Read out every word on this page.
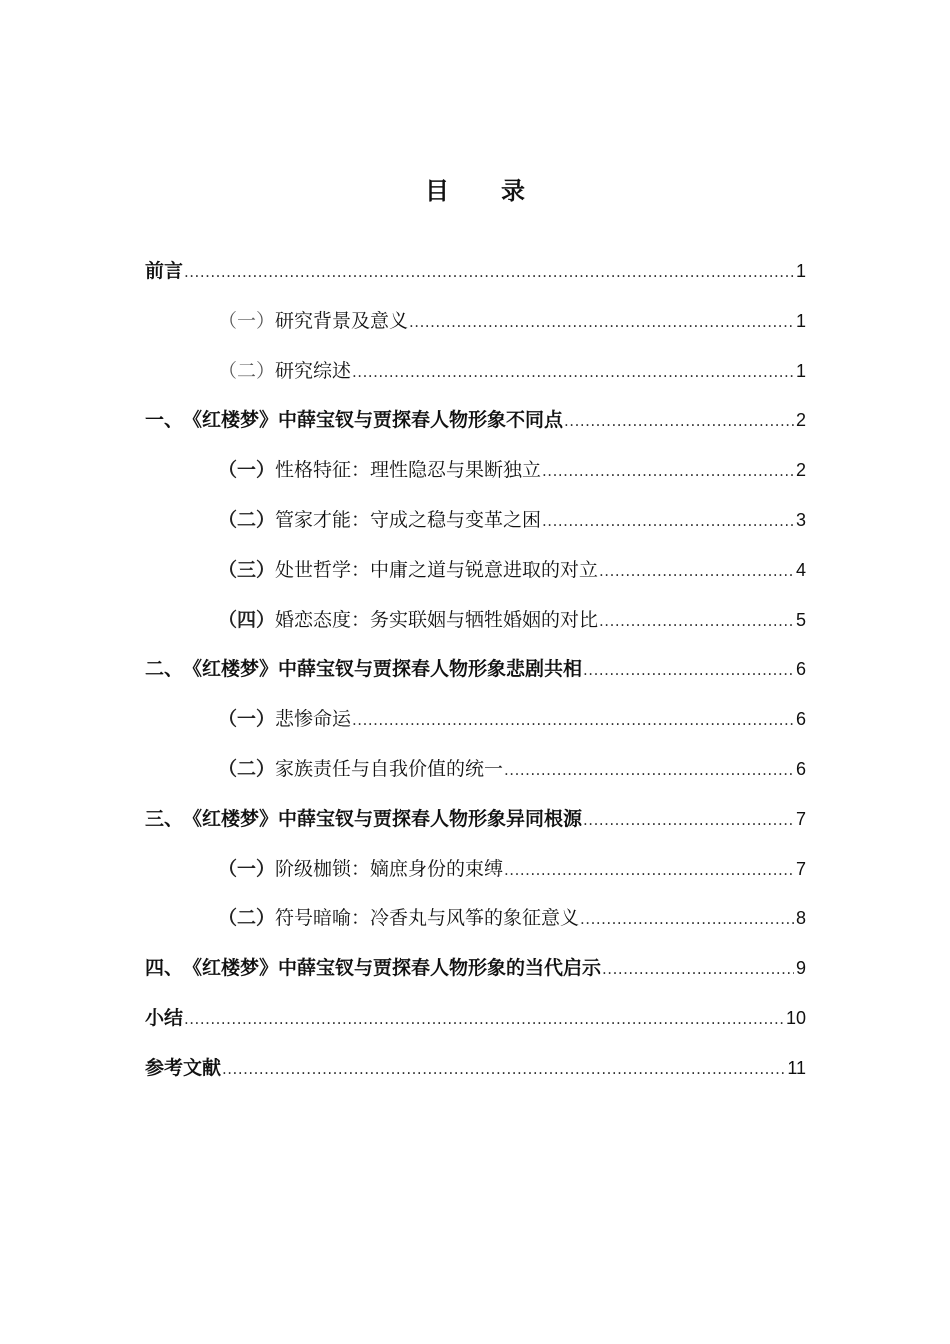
目录
前言 .....	1
（一） 研究背景及意义 .....	1
（二） 研究综述 .....	1
一、 《红楼梦》中薛宝钗与贾探春人物形象不同点 .....	2
（一） 性格特征：理性隐忍与果断独立 .....	2
（二） 管家才能：守成之稳与变革之困 .....	3
（三） 处世哲学：中庸之道与锐意进取的对立 .....	4
（四） 婚恋态度：务实联姻与牺牲婚姻的对比 .....	5
二、 《红楼梦》中薛宝钗与贾探春人物形象悲剧共相 .....	6
（一） 悲惨命运 .....	6
（二） 家族责任与自我价值的统一 .....	6
三、 《红楼梦》中薛宝钗与贾探春人物形象异同根源 .....	7
（一） 阶级枷锁：嫡庶身份的束缚 .....	7
（二） 符号暗喻：冷香丸与风筝的象征意义 .....	8
四、 《红楼梦》中薛宝钗与贾探春人物形象的当代启示 .....	9
小结 .....	10
参考文献 .....	11
